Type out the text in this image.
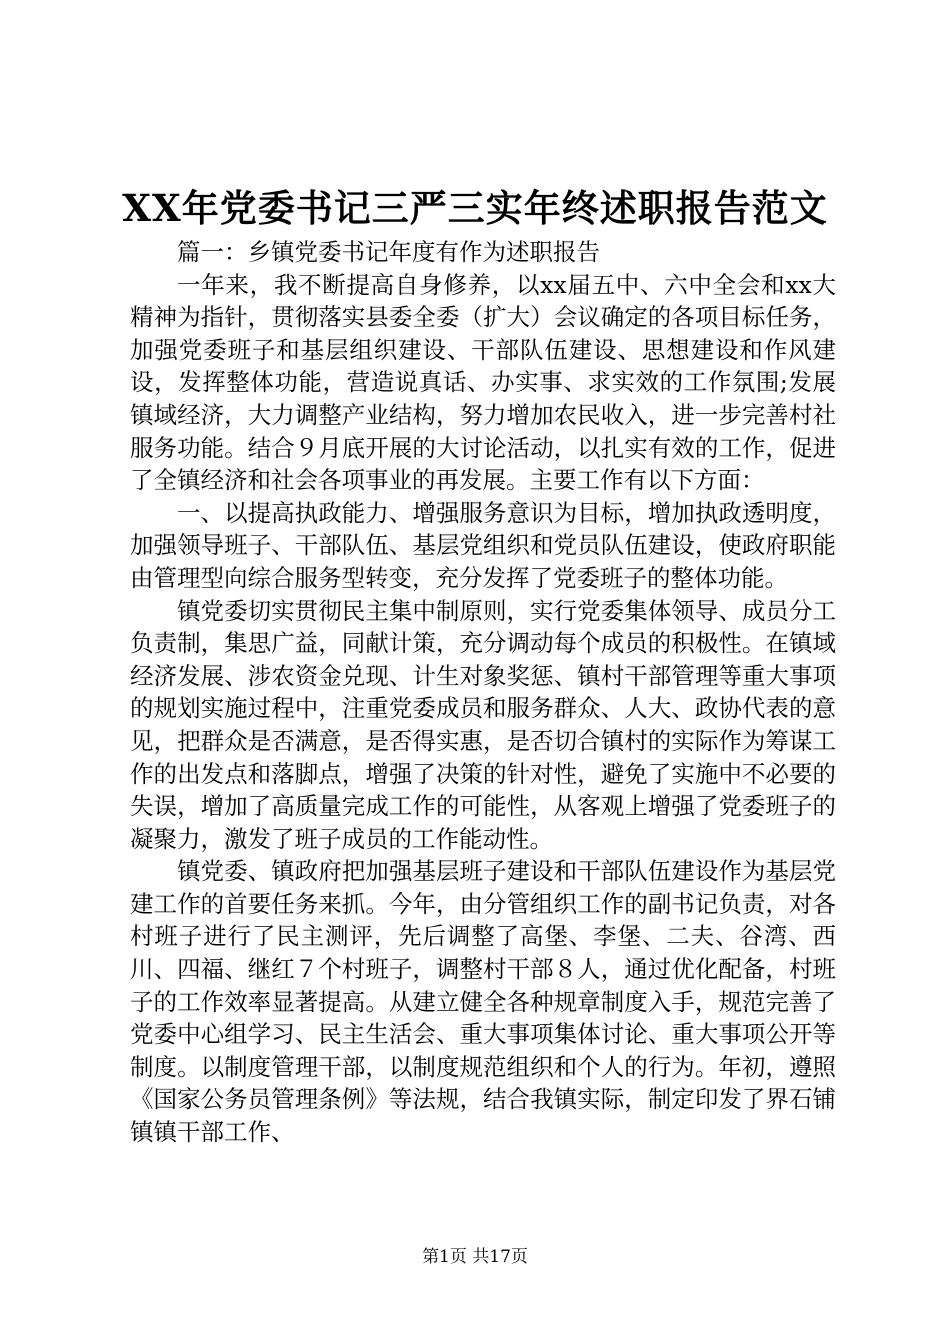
XX年党委书记三严三实年终述职报告范文

篇一：乡镇党委书记年度有作为述职报告

一年来，我不断提高自身修养，以xx届五中、六中全会和xx大精神为指针，贯彻落实县委全委（扩大）会议确定的各项目标任务，加强党委班子和基层组织建设、干部队伍建设、思想建设和作风建设，发挥整体功能，营造说真话、办实事、求实效的工作氛围;发展镇域经济，大力调整产业结构，努力增加农民收入，进一步完善村社服务功能。结合９月底开展的大讨论活动，以扎实有效的工作，促进了全镇经济和社会各项事业的再发展。主要工作有以下方面：

一、以提高执政能力、增强服务意识为目标，增加执政透明度，加强领导班子、干部队伍、基层党组织和党员队伍建设，使政府职能由管理型向综合服务型转变，充分发挥了党委班子的整体功能。

镇党委切实贯彻民主集中制原则，实行党委集体领导、成员分工负责制，集思广益，同献计策，充分调动每个成员的积极性。在镇域经济发展、涉农资金兑现、计生对象奖惩、镇村干部管理等重大事项的规划实施过程中，注重党委成员和服务群众、人大、政协代表的意见，把群众是否满意，是否得实惠，是否切合镇村的实际作为筹谋工作的出发点和落脚点，增强了决策的针对性，避免了实施中不必要的失误，增加了高质量完成工作的可能性，从客观上增强了党委班子的凝聚力，激发了班子成员的工作能动性。

镇党委、镇政府把加强基层班子建设和干部队伍建设作为基层党建工作的首要任务来抓。今年，由分管组织工作的副书记负责，对各村班子进行了民主测评，先后调整了高堡、李堡、二夫、谷湾、西川、四福、继红７个村班子，调整村干部８人，通过优化配备，村班子的工作效率显著提高。从建立健全各种规章制度入手，规范完善了党委中心组学习、民主生活会、重大事项集体讨论、重大事项公开等制度。以制度管理干部，以制度规范组织和个人的行为。年初，遵照《国家公务员管理条例》等法规，结合我镇实际，制定印发了界石铺镇镇干部工作、

第1页 共17页
